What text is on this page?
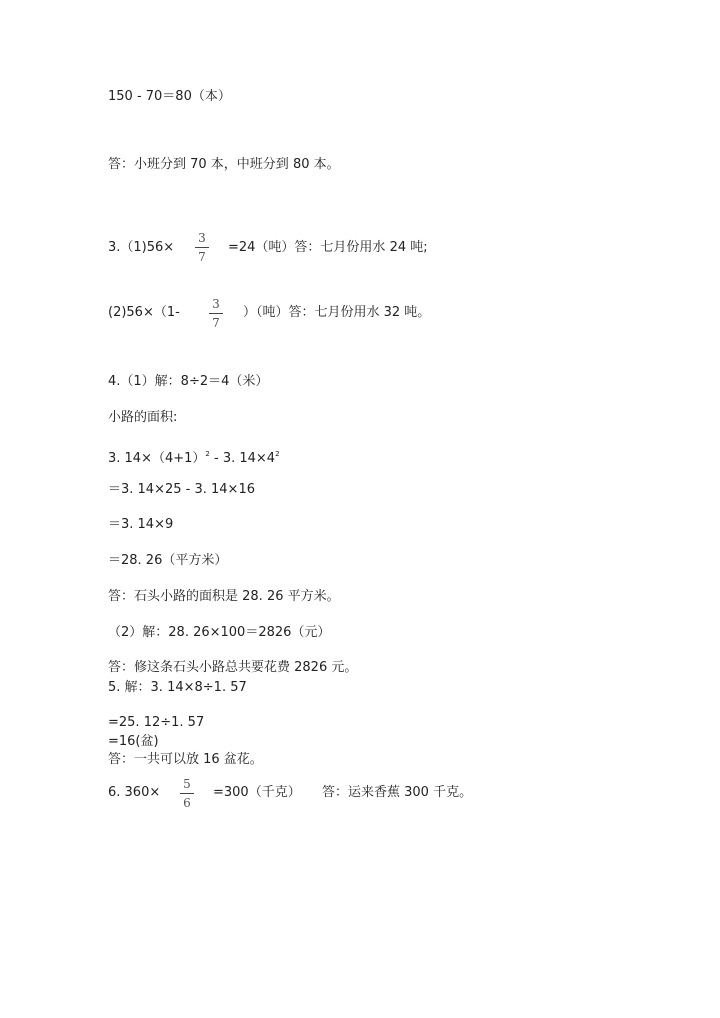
150 - 70＝80（本）
答：小班分到 70 本，中班分到 80 本。
3.（1)56×
3
7
=24（吨）答：七月份用水 24 吨;
(2)56×（1-
3
7
）（吨）答：七月份用水 32 吨。
4.（1）解：8÷2＝4（米）
小路的面积:
3. $14\times(4+1)^2 - 3$. $14\times 4^2$
＝3. 14×25 - 3. 14×16
＝3. 14×9
＝28. 26（平方米）
答：石头小路的面积是 28. 26 平方米。
（2）解：28. 26×100＝2826（元）
答：修这条石头小路总共要花费 2826 元。
5. 解：3. 14×8÷1. 57
=25. 12÷1. 57
=16(盆)
答：一共可以放 16 盆花。
6. 360×
5
6
=300（千克） 答：运来香蕉 300 千克。
